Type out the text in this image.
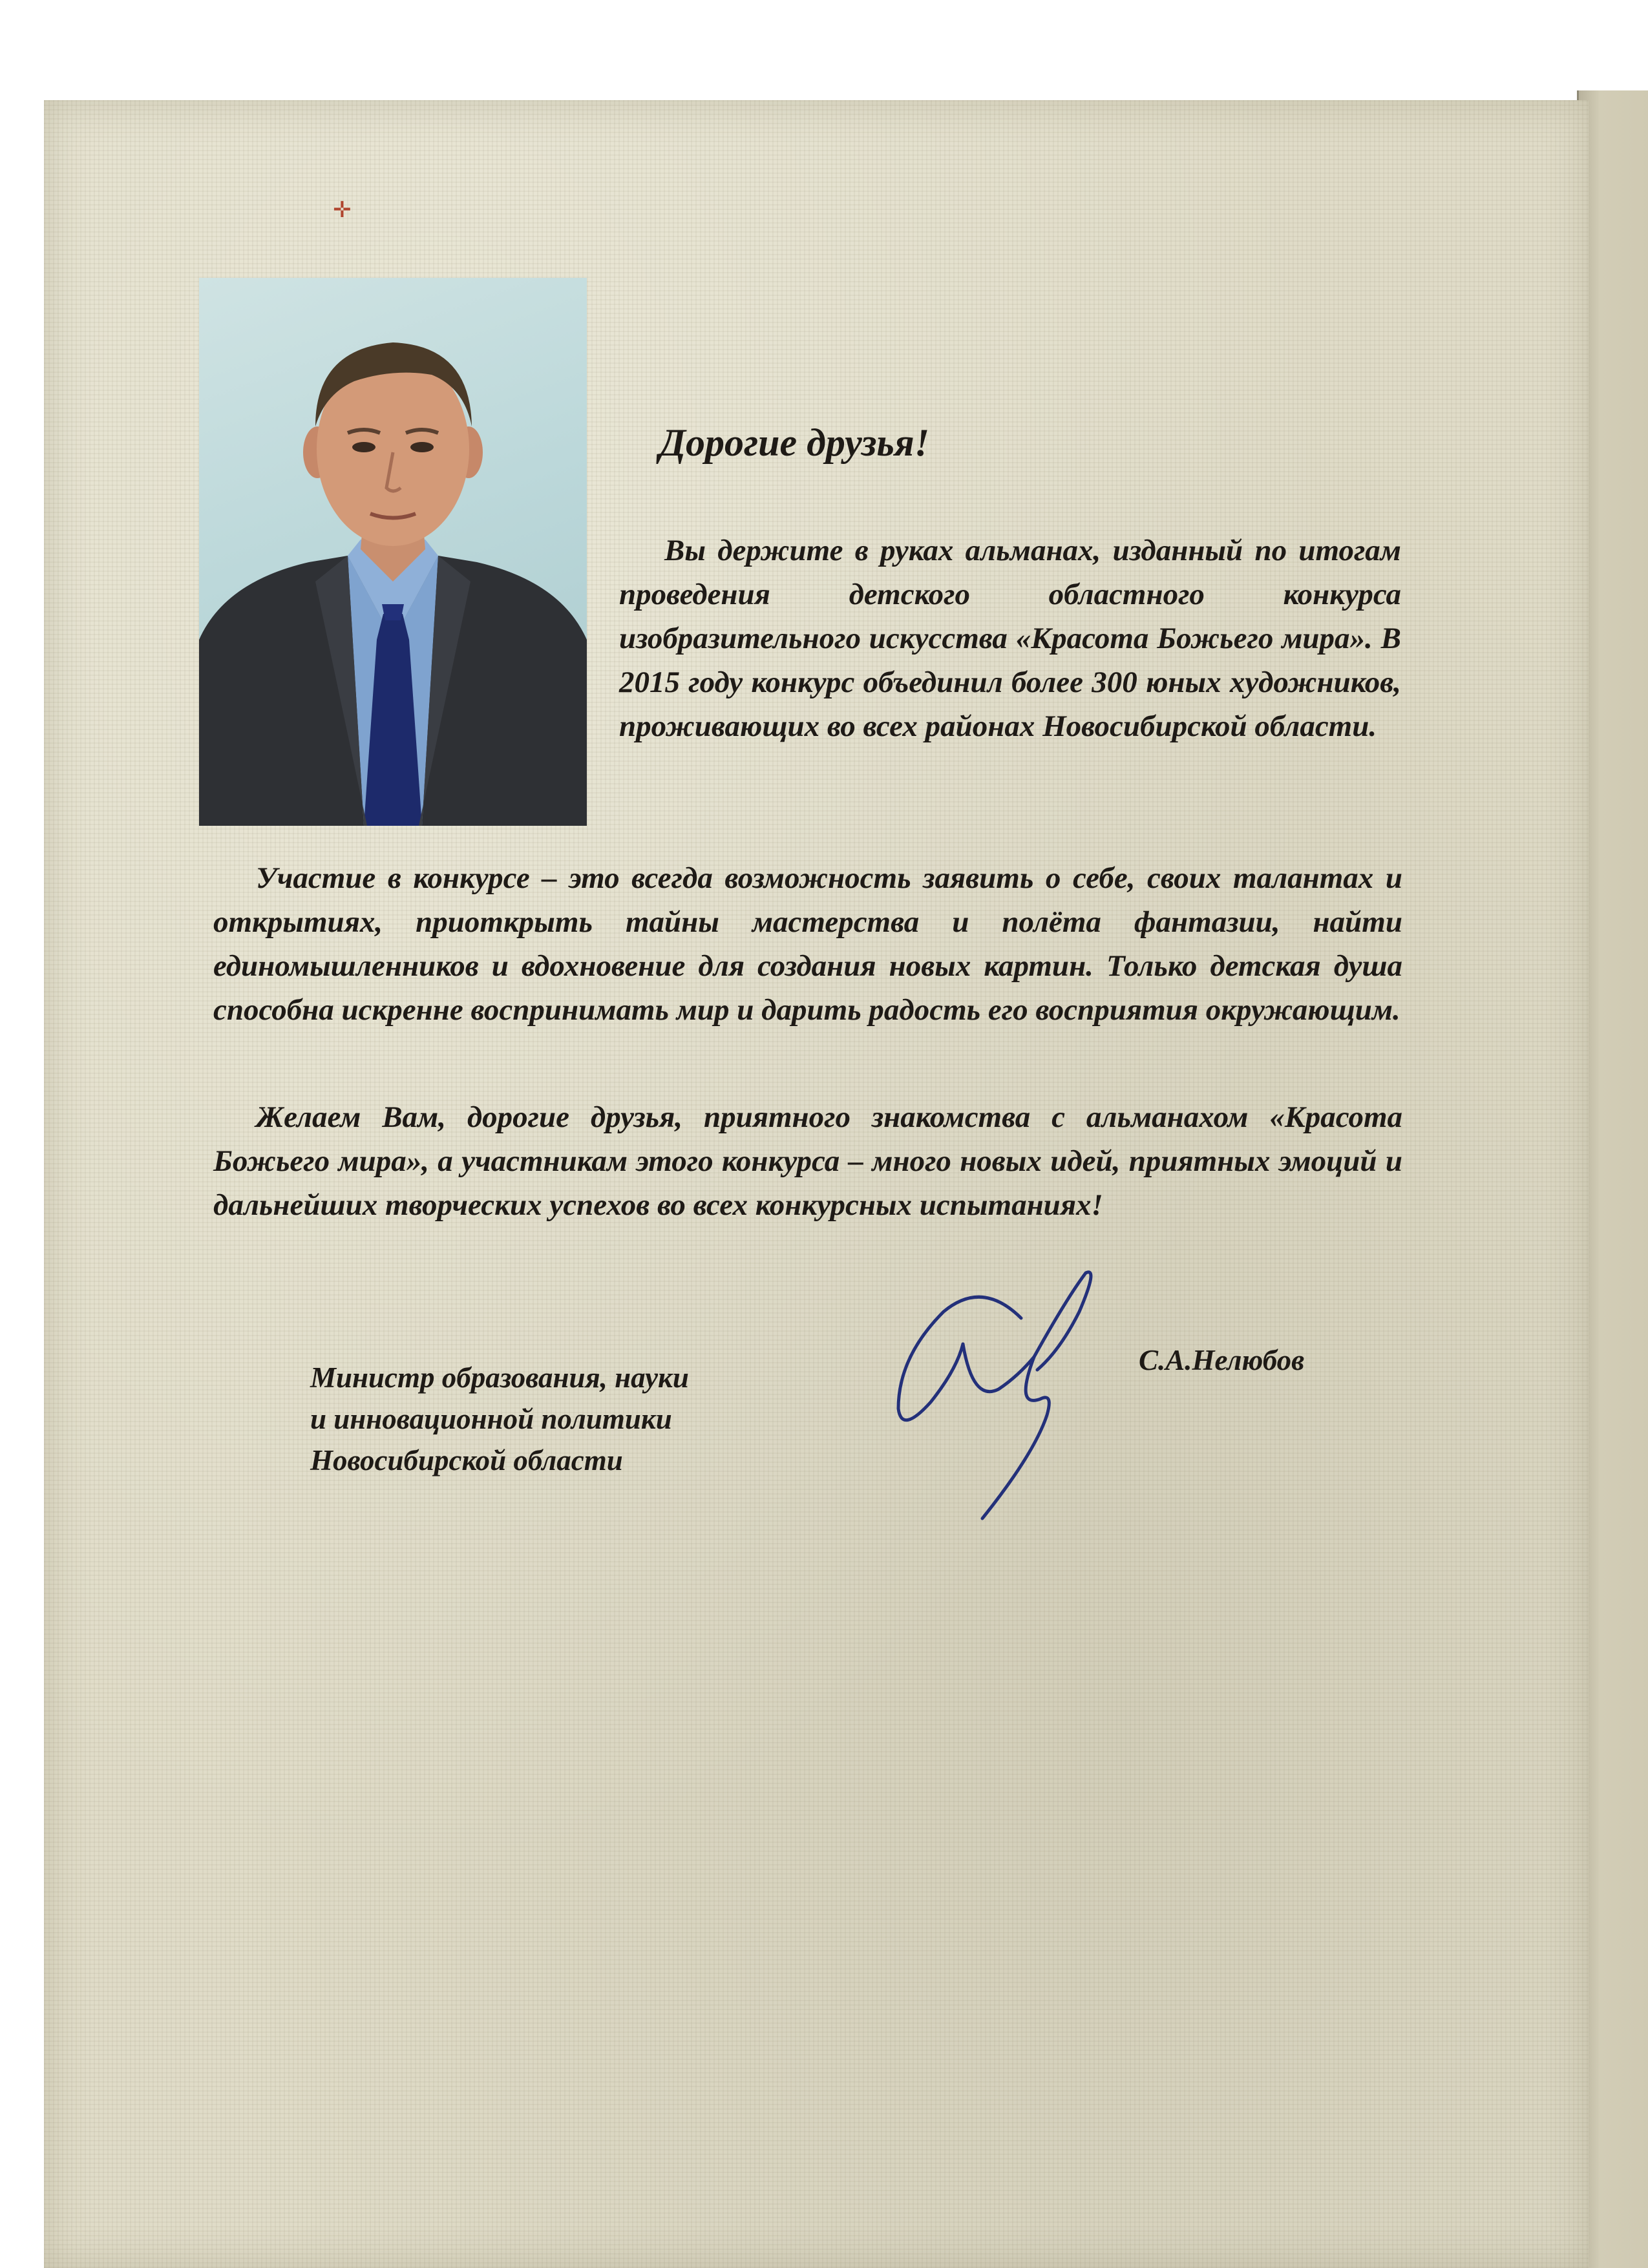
✛
Дорогие друзья!

Вы держите в руках альманах, изданный по итогам проведения детского областного конкурса изобразительного искусства «Красота Божьего мира». В 2015 году конкурс объединил более 300 юных художников, проживающих во всех районах Новосибирской области.

Участие в конкурсе – это всегда возможность заявить о себе, своих талантах и открытиях, приоткрыть тайны мастерства и полёта фантазии, найти единомышленников и вдохновение для создания новых картин. Только детская душа способна искренне воспринимать мир и дарить радость его восприятия окружающим.

Желаем Вам, дорогие друзья, приятного знакомства с альманахом «Красота Божьего мира», а участникам этого конкурса – много новых идей, приятных эмоций и дальнейших творческих успехов во всех конкурсных испытаниях!

Министр образования, науки
и инновационной политики
Новосибирской области

С.А.Нелюбов
